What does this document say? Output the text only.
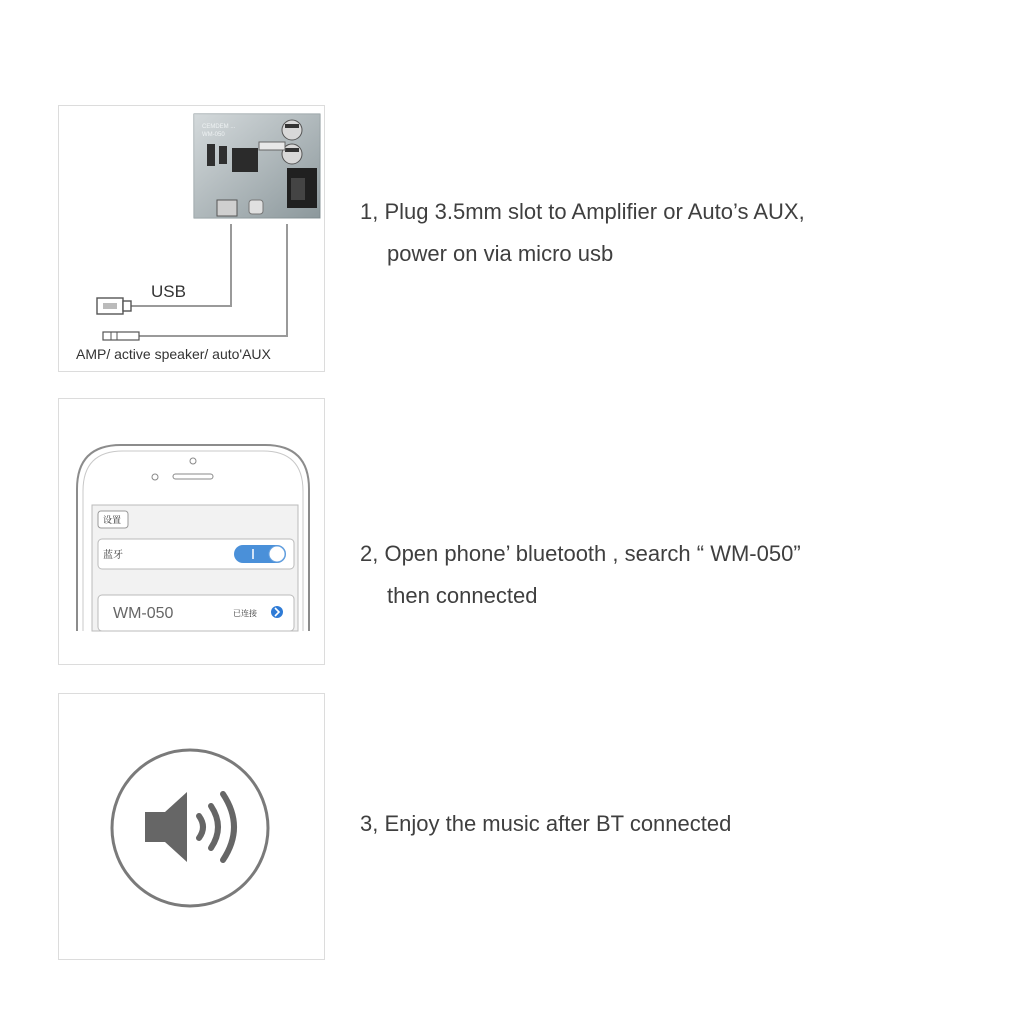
CEMDEM ...
WM-050
USB
AMP/ active speaker/ auto'AUX
1, Plug 3.5mm slot to Amplifier or Auto’s AUX,
power on via micro usb
设置
蓝牙
WM-050	已连接
2, Open phone’ bluetooth , search “ WM-050”
then connected
3, Enjoy the music after BT connected
